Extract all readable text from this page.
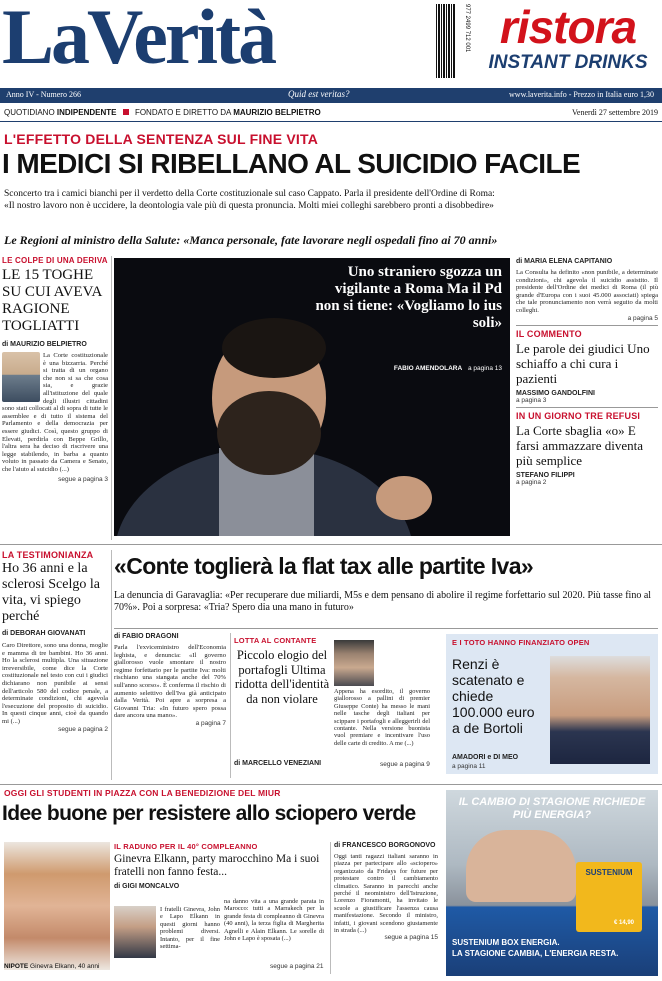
LaVerità	977 2499 712 001 ristora
INSTANT DRINKS
Anno IV - Numero 266	Quid est veritas?	www.laverita.info - Prezzo in Italia euro 1,30
QUOTIDIANO INDIPENDENTE FONDATO E DIRETTO DA MAURIZIO BELPIETRO	Venerdì 27 settembre 2019
L'EFFETTO DELLA SENTENZA SUL FINE VITA
I MEDICI SI RIBELLANO AL SUICIDIO FACILE
Sconcerto tra i camici bianchi per il verdetto della Corte costituzionale sul caso Cappato. Parla il presidente dell'Ordine di Roma:
«Il nostro lavoro non è uccidere, la deontologia vale più di questa pronuncia. Molti miei colleghi sarebbero pronti a disobbedire»
Le Regioni al ministro della Salute: «Manca personale, fate lavorare negli ospedali fino ai 70 anni»
LE COLPE DI UNA DERIVA
LE 15 TOGHE SU CUI AVEVA RAGIONE TOGLIATTI
di MAURIZIO BELPIETRO
La Corte costituzionale è una bizzarria. Perché si tratta di un organo che non si sa che cosa sia, e grazie all'istituzione del quale degli illustri cittadini sono stati collocati al di sopra di tutte le assemblee e di tutto il sistema del Parlamento e della democrazia per essere giudici. Così, questo gruppo di Elevati, perdirla con Beppe Grillo, l'altra sera ha deciso di riscrivere una legge stabilendo, in barba a quanto voluto in passato da Camera e Senato, che l'aiuto al suicidio (...)
segue a pagina 3
Uno straniero sgozza un vigilante a Roma Ma il Pd non si tiene: «Vogliamo lo ius soli»
FABIO AMENDOLARA a pagina 13
di MARIA ELENA CAPITANIO
La Consulta ha definito «non punibile, a determinate condizioni», chi agevola il suicidio assistito. Il presidente dell'Ordine dei medici di Roma (il più grande d'Europa con i suoi 45.000 associati) spiega che tale pronunciamento non verrà seguito da molti colleghi.
a pagina 5
IL COMMENTO
Le parole dei giudici Uno schiaffo a chi cura i pazienti
MASSIMO GANDOLFINI
a pagina 3
IN UN GIORNO TRE REFUSI
La Corte sbaglia «o» E farsi ammazzare diventa più semplice
STEFANO FILIPPI
a pagina 2
LA TESTIMONIANZA
Ho 36 anni e la sclerosi Scelgo la vita, vi spiego perché
di DEBORAH GIOVANATI
Caro Direttore, sono una donna, moglie e mamma di tre bambini. Ho 36 anni. Ho la sclerosi multipla. Una situazione irreversibile, come dice la Corte costituzionale nel testo con cui i giudici dichiarano non punibile ai sensi dell'articolo 580 del codice penale, a determinate condizioni, chi agevola l'esecuzione del proposito di suicidio. In questi cinque anni, cioè da quando mi (...)
segue a pagina 2
«Conte toglierà la flat tax alle partite Iva»
La denuncia di Garavaglia: «Per recuperare due miliardi, M5s e dem pensano di abolire il regime forfettario sul 2020. Più tasse fino al 70%». Poi a sorpresa: «Tria? Spero dia una mano in futuro»
di FABIO DRAGONI
Parla l'exviceministro dell'Economia leghista, e denuncia: «Il governo giallorosso vuole smontare il nostro regime forfettario per le partite Iva: molti rischiano una stangata anche del 70% sull'anno scorso». È conferma il rischio di aumento selettivo dell'Iva già anticipato dalla Verità. Poi apre a sorpresa a Giovanni Tria: «In futuro spero possa dare ancora una mano».
a pagina 7
LOTTA AL CONTANTE
Piccolo elogio del portafogli Ultima ridotta dell'identità da non violare
di MARCELLO VENEZIANI
Appena ha esordito, il governo giallorosso a pallini di premier Giuseppe Conte) ha messo le mani nelle tasche degli italiani per scippare i portafogli e alleggerirli del contante. Nella versione buonista vuol premiare e incentivare l'uso delle carte di credito. A me (...)
segue a pagina 9
E I TOTO HANNO FINANZIATO OPEN
Renzi è scatenato e chiede 100.000 euro a de Bortoli
AMADORI e DI MEO
a pagina 11
OGGI GLI STUDENTI IN PIAZZA CON LA BENEDIZIONE DEL MIUR
Idee buone per resistere allo sciopero verde
NIPOTE Ginevra Elkann, 40 anni
IL RADUNO PER IL 40° COMPLEANNO
Ginevra Elkann, party marocchino Ma i suoi fratelli non fanno festa...
di GIGI MONCALVO
I fratelli Ginevra, John e Lapo Elkann in questi giorni hanno problemi diversi. Intanto, per il fine settima-
na danno vita a una grande parata in Marocco: tutti a Marrakech per la grande festa di compleanno di Ginevra (40 anni), la terza figlia di Margherita Agnelli e Alain Elkann. Le sorelle di John e Lapo è sposata (...)
segue a pagina 21
di FRANCESCO BORGONOVO
Oggi tanti ragazzi italiani saranno in piazza per partecipare allo «sciopero» organizzato da Fridays for future per protestare contro il cambiamento climatico. Saranno in parecchi anche perché il neoministro dell'Istruzione, Lorenzo Fioramonti, ha invitato le scuole a giustificare l'assenza causa manifestazione. Secondo il ministro, infatti, i giovani scendono giustamente in strada (...)
segue a pagina 15
IL CAMBIO DI STAGIONE RICHIEDE PIÙ ENERGIA?
SUSTENIUM
€ 14,90
SUSTENIUM BOX ENERGIA.
LA STAGIONE CAMBIA, L'ENERGIA RESTA.
